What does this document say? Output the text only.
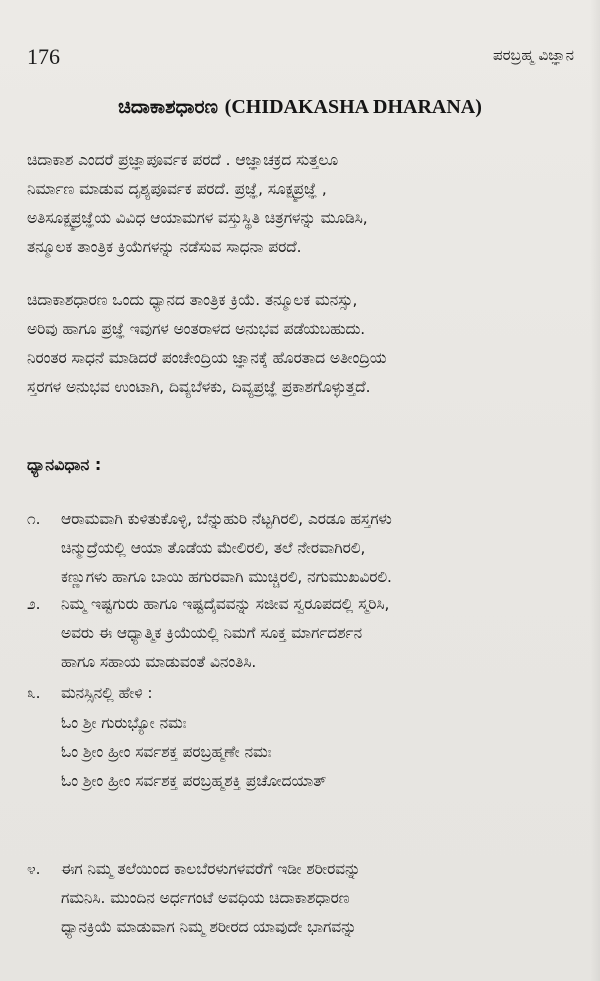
176	ಪರಬ್ರಹ್ಮ ವಿಜ್ಞಾನ
ಚಿದಾಕಾಶಧಾರಣ (CHIDAKASHA DHARANA)

ಚಿದಾಕಾಶ ಎಂದರೆ ಪ್ರಜ್ಞಾಪೂರ್ವಕ ಪರದೆ . ಆಜ್ಞಾಚಕ್ರದ ಸುತ್ತಲೂ
ನಿರ್ಮಾಣ ಮಾಡುವ ದೃಶ್ಯಪೂರ್ವಕ ಪರದೆ. ಪ್ರಜ್ಞೆ, ಸೂಕ್ಷ್ಮಪ್ರಜ್ಞೆ ,
ಅತಿಸೂಕ್ಷ್ಮಪ್ರಜ್ಞೆಯ ವಿವಿಧ ಆಯಾಮಗಳ ವಸ್ತುಸ್ಥಿತಿ ಚಿತ್ರಗಳನ್ನು ಮೂಡಿಸಿ,
ತನ್ಮೂಲಕ ತಾಂತ್ರಿಕ ಕ್ರಿಯೆಗಳನ್ನು ನಡೆಸುವ ಸಾಧನಾ ಪರದೆ.

ಚಿದಾಕಾಶಧಾರಣ ಒಂದು ಧ್ಯಾನದ ತಾಂತ್ರಿಕ ಕ್ರಿಯೆ. ತನ್ಮೂಲಕ ಮನಸ್ಸು,
ಅರಿವು ಹಾಗೂ ಪ್ರಜ್ಞೆ ಇವುಗಳ ಅಂತರಾಳದ ಅನುಭವ ಪಡೆಯಬಹುದು.
ನಿರಂತರ ಸಾಧನೆ ಮಾಡಿದರೆ ಪಂಚೇಂದ್ರಿಯ ಜ್ಞಾನಕ್ಕೆ ಹೊರತಾದ ಅತೀಂದ್ರಿಯ
ಸ್ತರಗಳ ಅನುಭವ ಉಂಟಾಗಿ, ದಿವ್ಯಬೆಳಕು, ದಿವ್ಯಪ್ರಜ್ಞೆ ಪ್ರಕಾಶಗೊಳ್ಳುತ್ತದೆ.

ಧ್ಯಾನವಿಧಾನ :
೧.	ಆರಾಮವಾಗಿ ಕುಳಿತುಕೊಳ್ಳಿ, ಬೆನ್ನುಹುರಿ ನೆಟ್ಟಗಿರಲಿ, ಎರಡೂ ಹಸ್ತಗಳು
ಚಿನ್ಮುದ್ರೆಯಲ್ಲಿ ಆಯಾ ತೊಡೆಯ ಮೇಲಿರಲಿ, ತಲೆ ನೇರವಾಗಿರಲಿ,
ಕಣ್ಣುಗಳು ಹಾಗೂ ಬಾಯಿ ಹಗುರವಾಗಿ ಮುಚ್ಚಿರಲಿ, ನಗುಮುಖವಿರಲಿ.
೨.	ನಿಮ್ಮ ಇಷ್ಟಗುರು ಹಾಗೂ ಇಷ್ಟದೈವವನ್ನು ಸಜೀವ ಸ್ವರೂಪದಲ್ಲಿ ಸ್ಮರಿಸಿ,
ಅವರು ಈ ಆಧ್ಯಾತ್ಮಿಕ ಕ್ರಿಯೆಯಲ್ಲಿ ನಿಮಗೆ ಸೂಕ್ತ ಮಾರ್ಗದರ್ಶನ
ಹಾಗೂ ಸಹಾಯ ಮಾಡುವಂತೆ ವಿನಂತಿಸಿ.
೩.	ಮನಸ್ಸಿನಲ್ಲಿ ಹೇಳಿ :
ಓಂ ಶ್ರೀ ಗುರುಭ್ಯೋ ನಮಃ
ಓಂ ಶ್ರೀಂ ಹ್ರೀಂ ಸರ್ವಶಕ್ತ ಪರಬ್ರಹ್ಮಣೇ ನಮಃ
ಓಂ ಶ್ರೀಂ ಹ್ರೀಂ ಸರ್ವಶಕ್ತ ಪರಬ್ರಹ್ಮಶಕ್ತಿ ಪ್ರಚೋದಯಾತ್
೪.	ಈಗ ನಿಮ್ಮ ತಲೆಯಿಂದ ಕಾಲಬೆರಳುಗಳವರೆಗೆ ಇಡೀ ಶರೀರವನ್ನು
ಗಮನಿಸಿ. ಮುಂದಿನ ಅರ್ಧಗಂಟೆ ಅವಧಿಯ ಚಿದಾಕಾಶಧಾರಣ
ಧ್ಯಾನಕ್ರಿಯೆ ಮಾಡುವಾಗ ನಿಮ್ಮ ಶರೀರದ ಯಾವುದೇ ಭಾಗವನ್ನು
